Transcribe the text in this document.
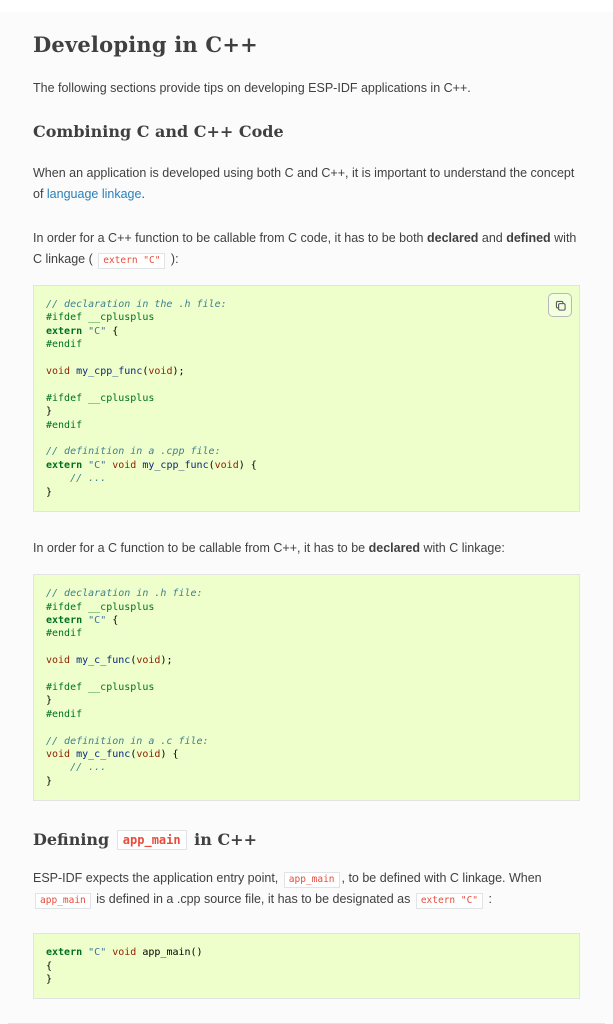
Developing in C++

The following sections provide tips on developing ESP-IDF applications in C++.

Combining C and C++ Code

When an application is developed using both C and C++, it is important to understand the concept of language linkage.

In order for a C++ function to be callable from C code, it has to be both declared and defined with C linkage ( extern "C" ):

// declaration in the .h file:
#ifdef __cplusplus
extern "C" {
#endif

void my_cpp_func(void);

#ifdef __cplusplus
}
#endif

// definition in a .cpp file:
extern "C" void my_cpp_func(void) {
// ...
}

In order for a C function to be callable from C++, it has to be declared with C linkage:

// declaration in .h file:
#ifdef __cplusplus
extern "C" {
#endif

void my_c_func(void);

#ifdef __cplusplus
}
#endif

// definition in a .c file:
void my_c_func(void) {
// ...
}

Defining app_main in C++

ESP-IDF expects the application entry point, app_main , to be defined with C linkage. When app_main is defined in a .cpp source file, it has to be designated as extern "C" :

extern "C" void app_main()
{
}
